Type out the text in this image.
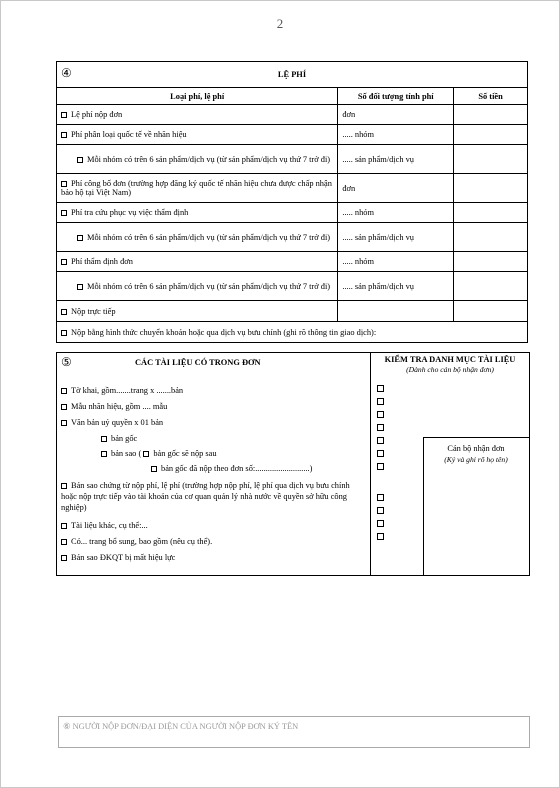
2
④ LỆ PHÍ		

Loại phí, lệ phí	Số đối tượng tính phí	Số tiền
Lệ phí nộp đơn	đơn	
Phí phân loại quốc tế về nhãn hiệu	..... nhóm	

Mỗi nhóm có trên 6 sản phẩm/dịch vụ (từ sản phẩm/dịch vụ thứ 7 trở đi)	..... sản phẩm/dịch vụ	
Phí công bố đơn (trường hợp đăng ký quốc tế nhãn hiệu chưa được chấp nhận bảo hộ tại Việt Nam)	đơn	
Phí tra cứu phục vụ việc thẩm định	..... nhóm	

Mỗi nhóm có trên 6 sản phẩm/dịch vụ (từ sản phẩm/dịch vụ thứ 7 trở đi)	..... sản phẩm/dịch vụ	
Phí thẩm định đơn	..... nhóm	

Mỗi nhóm có trên 6 sản phẩm/dịch vụ (từ sản phẩm/dịch vụ thứ 7 trở đi)	..... sản phẩm/dịch vụ	
Nộp trực tiếp		
Nộp bằng hình thức chuyển khoản hoặc qua dịch vụ bưu chính (ghi rõ thông tin giao dịch):		
⑤	CÁC TÀI LIỆU CÓ TRONG ĐƠN
Tờ khai, gồm.......trang x .......bản
Mẫu nhãn hiệu, gồm .... mẫu
Văn bản uỷ quyền x 01 bản
bản gốc
bản sao ( bản gốc sẽ nộp sau
bản gốc đã nộp theo đơn số:..........................)
Bản sao chứng từ nộp phí, lệ phí (trường hợp nộp phí, lệ phí qua dịch vụ bưu chính hoặc nộp trực tiếp vào tài khoản của cơ quan quản lý nhà nước về quyền sở hữu công nghiệp)
Tài liệu khác, cụ thể:...
Có... trang bổ sung, bao gồm (nêu cụ thể).
Bản sao ĐKQT bị mất hiệu lực
KIỂM TRA DANH MỤC TÀI LIỆU
(Dành cho cán bộ nhận đơn)
Cán bộ nhận đơn
(Ký và ghi rõ họ tên)
⑥ NGƯỜI NỘP ĐƠN/ĐẠI DIỆN CỦA NGƯỜI NỘP ĐƠN KÝ TÊN
